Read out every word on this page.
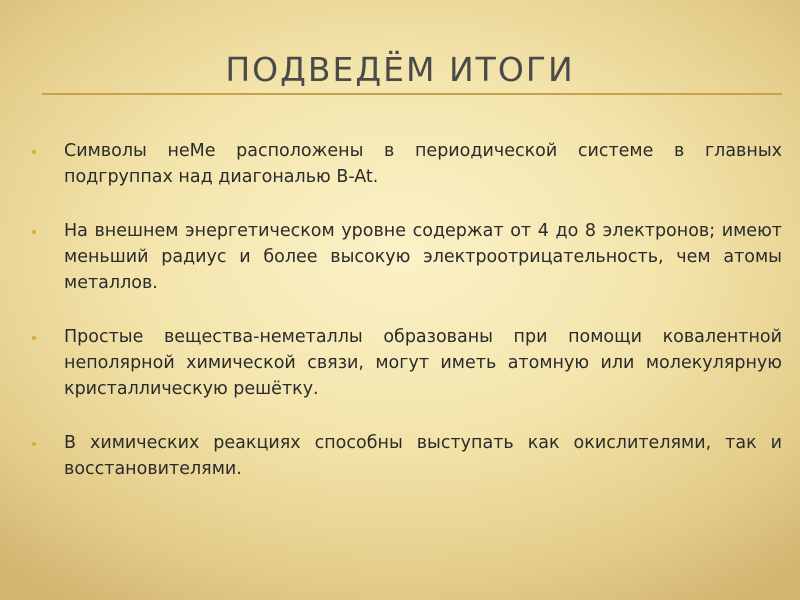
ПОДВЕДЁМ ИТОГИ
Символы неМе расположены в периодической системе в главных подгруппах над диагональю B-At.
На внешнем энергетическом уровне содержат от 4 до 8 электронов; имеют меньший радиус и более высокую электроотрицательность, чем атомы металлов.
Простые вещества-неметаллы образованы при помощи ковалентной неполярной химической связи, могут иметь атомную или молекулярную кристаллическую решётку.
В химических реакциях способны выступать как окислителями, так и восстановителями.
